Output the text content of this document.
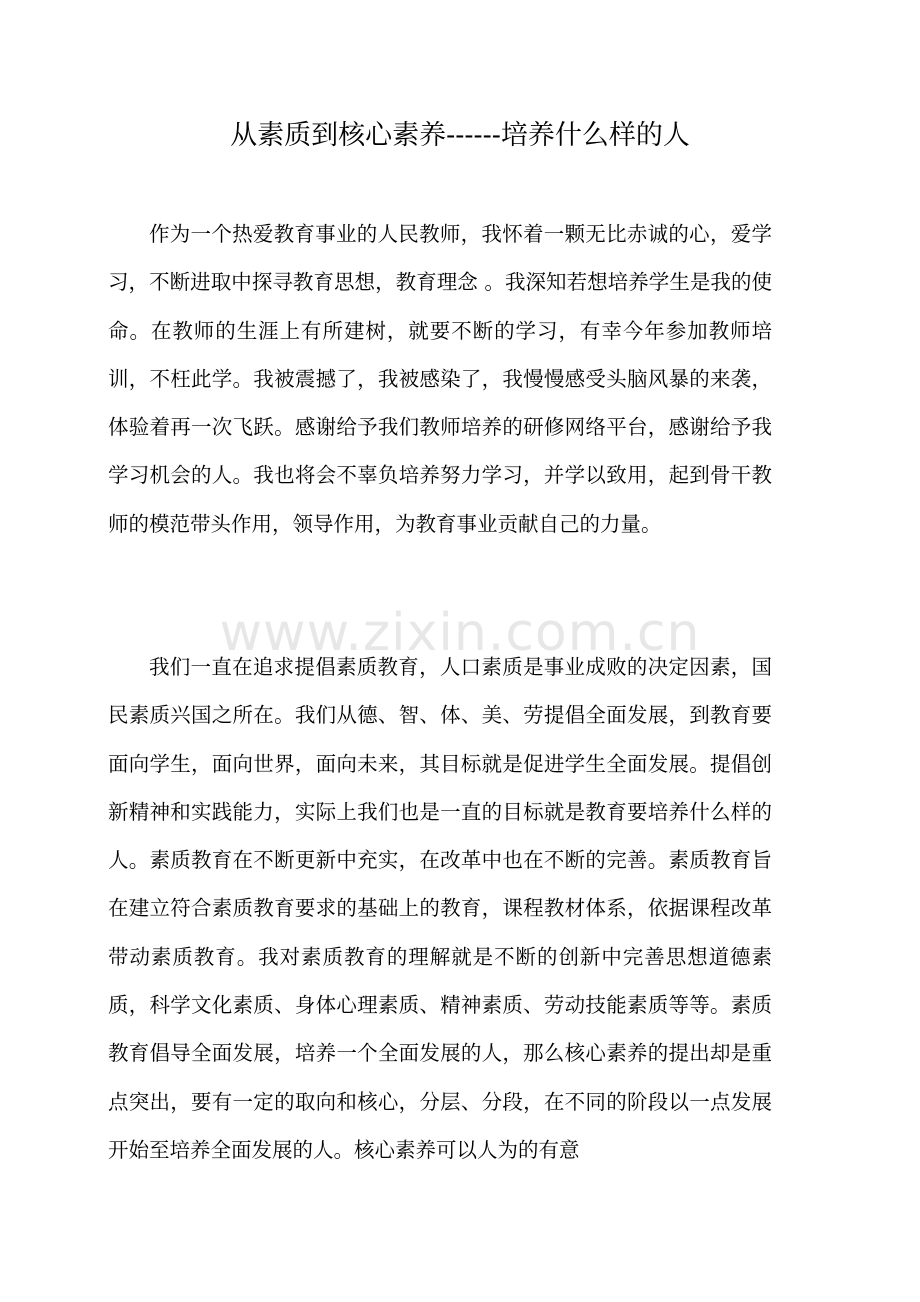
从素质到核心素养------培养什么样的人

作为一个热爱教育事业的人民教师，我怀着一颗无比赤诚的心，爱学习，不断进取中探寻教育思想，教育理念 。我深知若想培养学生是我的使命。在教师的生涯上有所建树，就要不断的学习，有幸今年参加教师培训，不枉此学。我被震撼了，我被感染了，我慢慢感受头脑风暴的来袭，体验着再一次飞跃。感谢给予我们教师培养的研修网络平台，感谢给予我学习机会的人。我也将会不辜负培养努力学习，并学以致用，起到骨干教师的模范带头作用，领导作用，为教育事业贡献自己的力量。

www.zixin.com.cn

我们一直在追求提倡素质教育，人口素质是事业成败的决定因素，国民素质兴国之所在。我们从德、智、体、美、劳提倡全面发展，到教育要面向学生，面向世界，面向未来，其目标就是促进学生全面发展。提倡创新精神和实践能力，实际上我们也是一直的目标就是教育要培养什么样的人。素质教育在不断更新中充实，在改革中也在不断的完善。素质教育旨在建立符合素质教育要求的基础上的教育，课程教材体系，依据课程改革带动素质教育。我对素质教育的理解就是不断的创新中完善思想道德素质，科学文化素质、身体心理素质、精神素质、劳动技能素质等等。素质教育倡导全面发展，培养一个全面发展的人，那么核心素养的提出却是重点突出，要有一定的取向和核心，分层、分段，在不同的阶段以一点发展开始至培养全面发展的人。核心素养可以人为的有意
